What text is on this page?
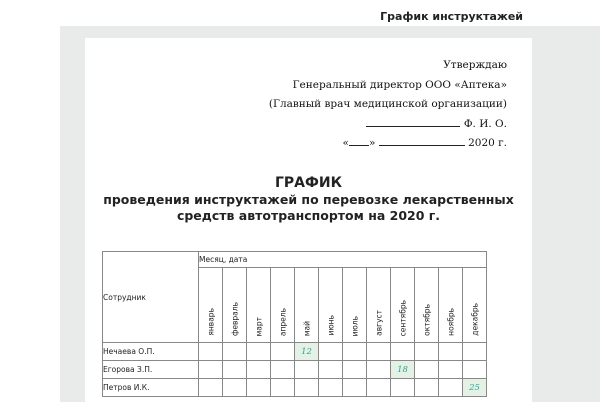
График инструктажей
Утверждаю
Генеральный директор ООО «Аптека»
(Главный врач медицинской организации)
Ф. И. О.
« »	2020 г.
ГРАФИК
проведения инструктажей по перевозке лекарственных
средств автотранспортом на 2020 г.
Сотрудник	Месяц, дата											

	январь	февраль	март	апрель	май	июнь	июль	август	сентябрь	октябрь	ноябрь	декабрь

Нечаева О.П.					12							
Егорова З.П.									18			
Петров И.К.												25
